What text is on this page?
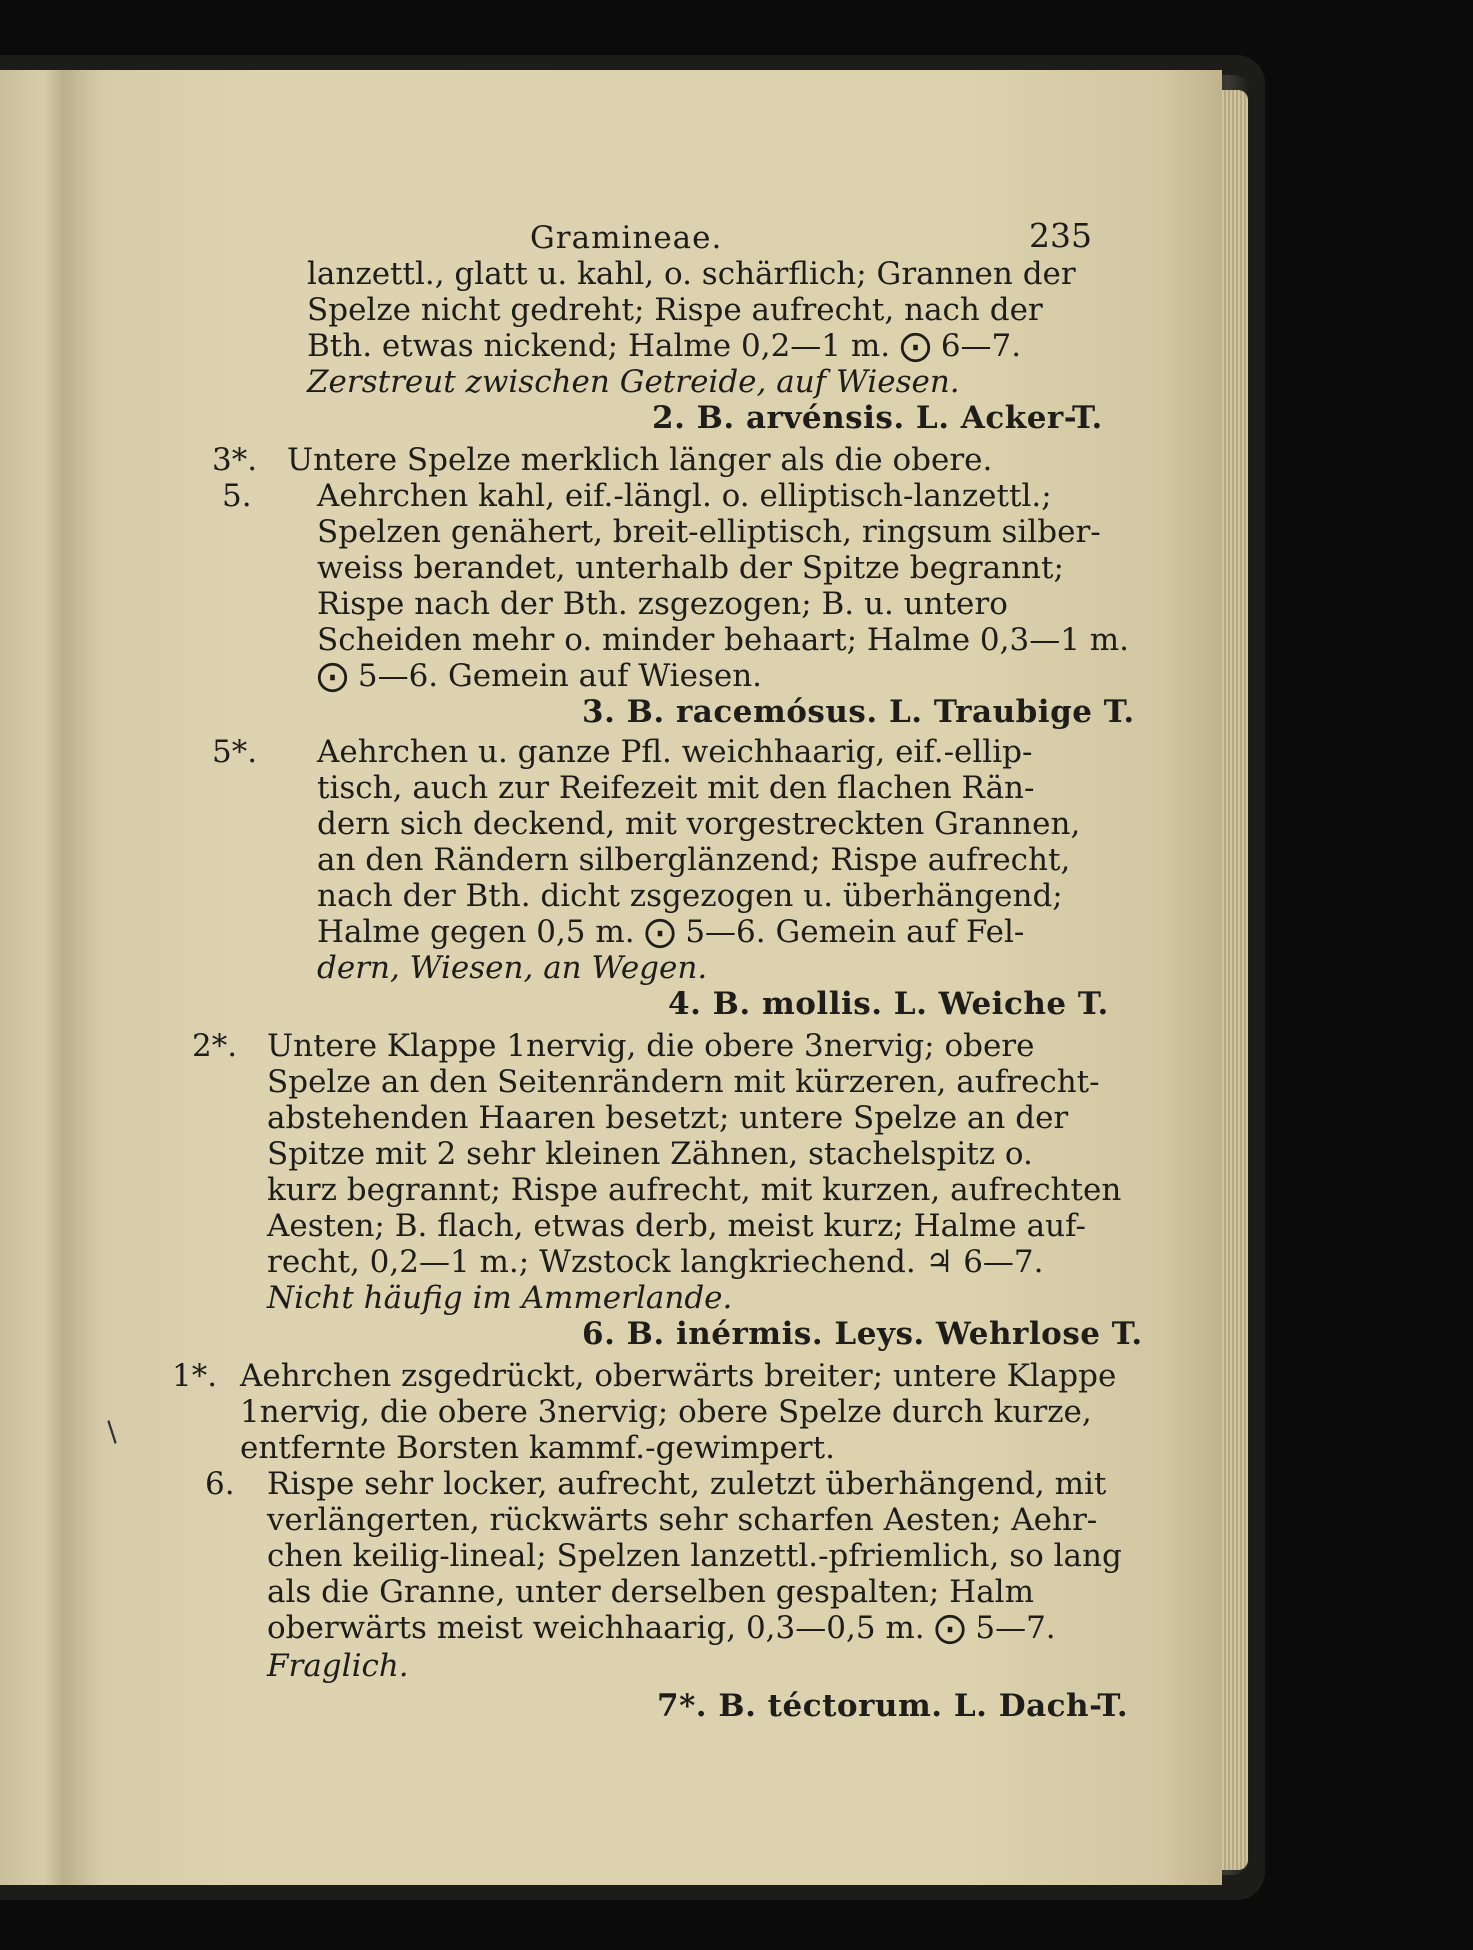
Gramineae.	235
lanzettl., glatt u. kahl, o. schärflich; Grannen der
Spelze nicht gedreht; Rispe aufrecht, nach der
Bth. etwas nickend; Halme 0,2—1 m. ⨀ 6—7.
Zerstreut zwischen Getreide, auf Wiesen.
2. B. arvénsis. L. Acker-T.
3*. Untere Spelze merklich länger als die obere.
5.	Aehrchen kahl, eif.-längl. o. elliptisch-lanzettl.;
Spelzen genähert, breit-elliptisch, ringsum silber-
weiss berandet, unterhalb der Spitze begrannt;
Rispe nach der Bth. zsgezogen; B. u. untero
Scheiden mehr o. minder behaart; Halme 0,3—1 m.
⨀ 5—6. Gemein auf Wiesen.
3. B. racemósus. L. Traubige T.
5*.	Aehrchen u. ganze Pfl. weichhaarig, eif.-ellip-
tisch, auch zur Reifezeit mit den flachen Rän-
dern sich deckend, mit vorgestreckten Grannen,
an den Rändern silberglänzend; Rispe aufrecht,
nach der Bth. dicht zsgezogen u. überhängend;
Halme gegen 0,5 m. ⨀ 5—6. Gemein auf Fel-
dern, Wiesen, an Wegen.
4. B. mollis. L. Weiche T.
2*. Untere Klappe 1nervig, die obere 3nervig; obere
Spelze an den Seitenrändern mit kürzeren, aufrecht-
abstehenden Haaren besetzt; untere Spelze an der
Spitze mit 2 sehr kleinen Zähnen, stachelspitz o.
kurz begrannt; Rispe aufrecht, mit kurzen, aufrechten
Aesten; B. flach, etwas derb, meist kurz; Halme auf-
recht, 0,2—1 m.; Wzstock langkriechend. ♃ 6—7.
Nicht häufig im Ammerlande.
6. B. inérmis. Leys. Wehrlose T.
1*. Aehrchen zsgedrückt, oberwärts breiter; untere Klappe
1nervig, die obere 3nervig; obere Spelze durch kurze,
entfernte Borsten kammf.-gewimpert.
6.	Rispe sehr locker, aufrecht, zuletzt überhängend, mit
verlängerten, rückwärts sehr scharfen Aesten; Aehr-
chen keilig-lineal; Spelzen lanzettl.-pfriemlich, so lang
als die Granne, unter derselben gespalten; Halm
oberwärts meist weichhaarig, 0,3—0,5 m. ⨀ 5—7.
Fraglich.
7*. B. téctorum. L. Dach-T.
/
